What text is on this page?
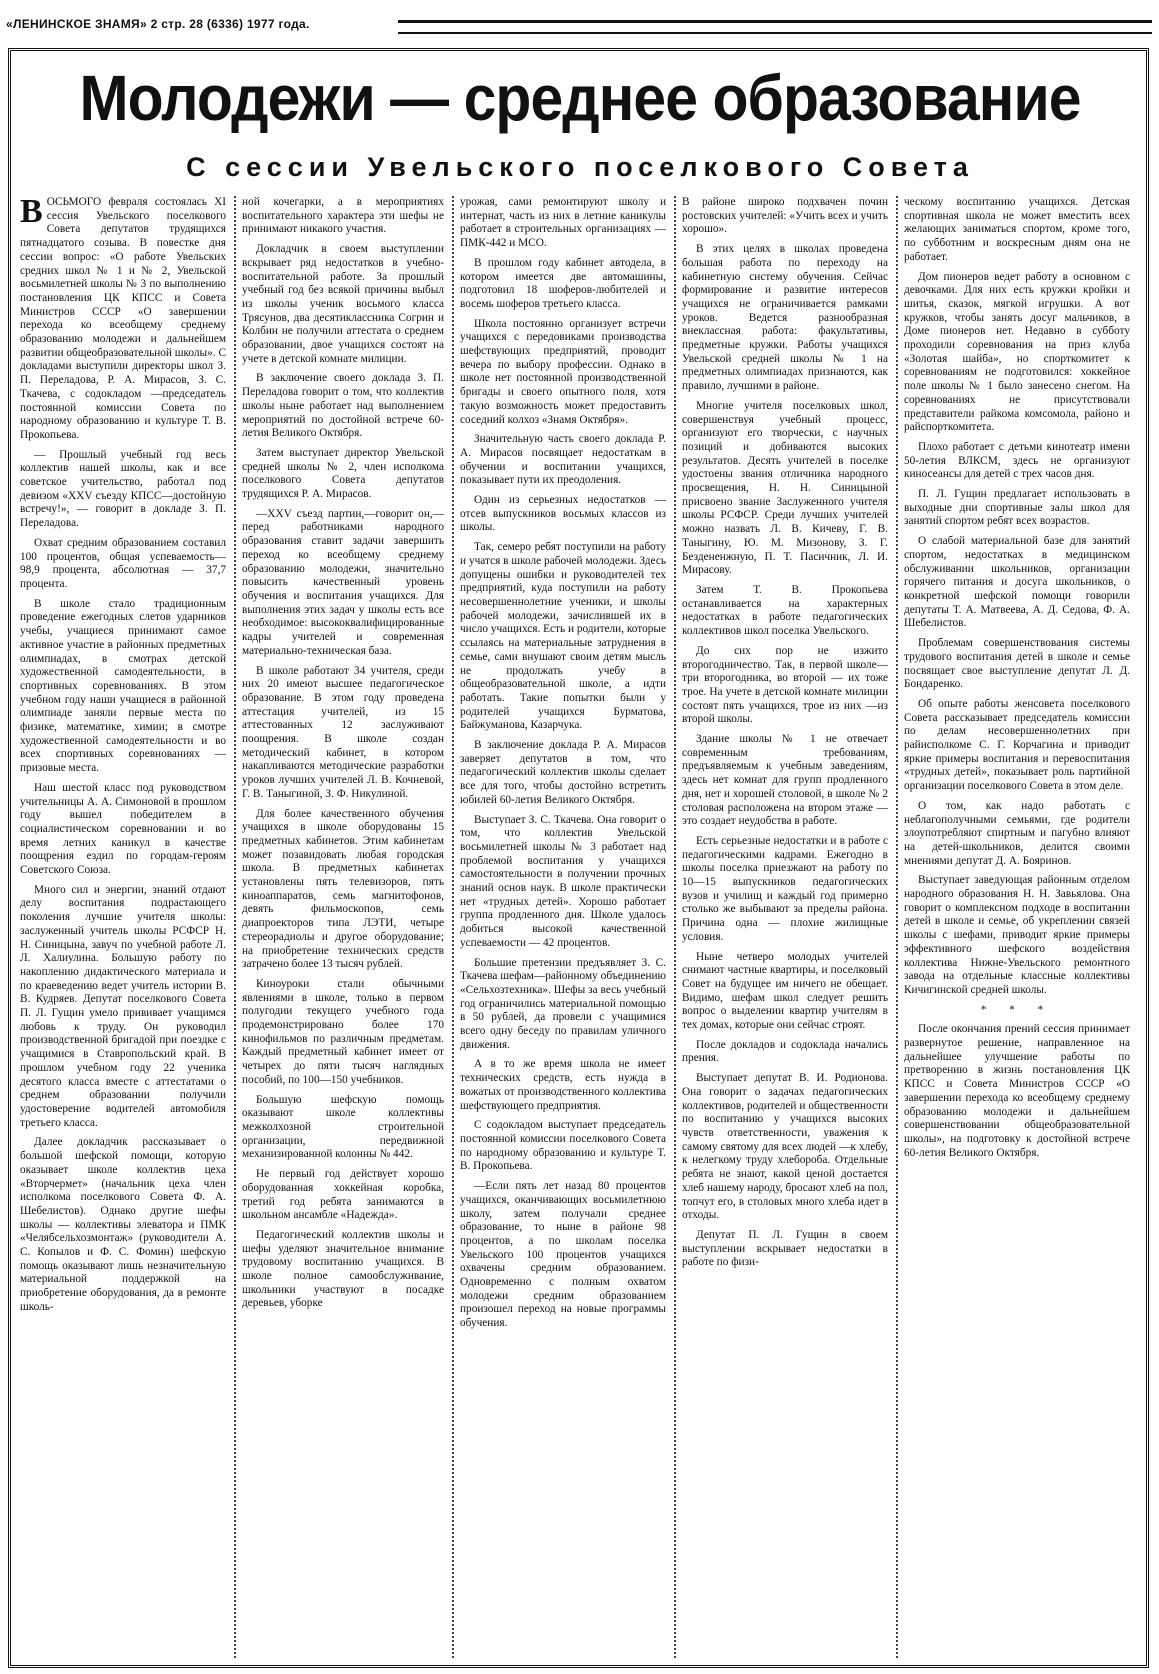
«ЛЕНИНСКОЕ ЗНАМЯ» 2 стр. 28 (6336) 1977 года.
Молодежи — среднее образование
С сессии Увельского поселкового Совета

ВОСЬМОГО февраля состоялась XI сессия Увельского поселкового Совета депутатов трудящихся пятнадцатого созыва. В повестке дня сессии вопрос: «О работе Увельских средних школ № 1 и № 2, Увельской восьмилетней школы № 3 по выполнению постановления ЦК КПСС и Совета Министров СССР «О завершении перехода ко всеобщему среднему образованию молодежи и дальнейшем развитии общеобразовательной школы». С докладами выступили директоры школ З. П. Переладова, Р. А. Мирасов, З. С. Ткачева, с содокладом —председатель постоянной комиссии Совета по народному образованию и культуре Т. В. Прокопьева.

— Прошлый учебный год весь коллектив нашей школы, как и все советское учительство, работал под девизом «XXV съезду КПСС—достойную встречу!», — говорит в докладе З. П. Переладова.

Охват средним образованием составил 100 процентов, общая успеваемость— 98,9 процента, абсолютная — 37,7 процента.

В школе стало традиционным проведение ежегодных слетов ударников учебы, учащиеся принимают самое активное участие в районных предметных олимпиадах, в смотрах детской художественной самодеятельности, в спортивных соревнованиях. В этом учебном году наши учащиеся в районной олимпиаде заняли первые места по физике, математике, химии; в смотре художественной самодеятельности и во всех спортивных соревнованиях — призовые места.

Наш шестой класс под руководством учительницы А. А. Симоновой в прошлом году вышел победителем в социалистическом соревновании и во время летних каникул в качестве поощрения ездил по городам-героям Советского Союза.

Много сил и энергии, знаний отдают делу воспитания подрастающего поколения лучшие учителя школы: заслуженный учитель школы РСФСР Н. Н. Синицына, завуч по учебной работе Л. Л. Халиулина. Большую работу по накоплению дидактического материала и по краеведению ведет учитель истории В. В. Кудряев. Депутат поселкового Совета П. Л. Гущин умело прививает учащимся любовь к труду. Он руководил производственной бригадой при поездке с учащимися в Ставропольский край. В прошлом учебном году 22 ученика десятого класса вместе с аттестатами о среднем образовании получили удостоверение водителей автомобиля третьего класса.

Далее докладчик рассказывает о большой шефской помощи, которую оказывает школе коллектив цеха «Вторчермет» (начальник цеха член исполкома поселкового Совета Ф. А. Шебелистов). Однако другие шефы школы — коллективы элеватора и ПМК «Челябсельхозмонтаж» (руководители А. С. Копылов и Ф. С. Фомин) шефскую помощь оказывают лишь незначительную материальной поддержкой на приобретение оборудования, да в ремонте школь-

ной кочегарки, а в мероприятиях воспитательного характера эти шефы не принимают никакого участия.

Докладчик в своем выступлении вскрывает ряд недостатков в учебно-воспитательной работе. За прошлый учебный год без всякой причины выбыл из школы ученик восьмого класса Трясунов, два десятиклассника Согрин и Колбин не получили аттестата о среднем образовании, двое учащихся состоят на учете в детской комнате милиции.

В заключение своего доклада З. П. Переладова говорит о том, что коллектив школы ныне работает над выполнением мероприятий по достойной встрече 60-летия Великого Октября.

Затем выступает директор Увельской средней школы № 2, член исполкома поселкового Совета депутатов трудящихся Р. А. Мирасов.

—XXV съезд партии,—говорит он,— перед работниками народного образования ставит задачи завершить переход ко всеобщему среднему образованию молодежи, значительно повысить качественный уровень обучения и воспитания учащихся. Для выполнения этих задач у школы есть все необходимое: высококвалифицированные кадры учителей и современная материально-техническая база.

В школе работают 34 учителя, среди них 20 имеют высшее педагогическое образование. В этом году проведена аттестация учителей, из 15 аттестованных 12 заслуживают поощрения. В школе создан методический кабинет, в котором накапливаются методические разработки уроков лучших учителей Л. В. Кочневой, Г. В. Таныгиной, З. Ф. Никулиной.

Для более качественного обучения учащихся в школе оборудованы 15 предметных кабинетов. Этим кабинетам может позавидовать любая городская школа. В предметных кабинетах установлены пять телевизоров, пять киноаппаратов, семь магнитофонов, девять фильмоскопов, семь диапроекторов типа ЛЭТИ, четыре стереорадиолы и другое оборудование; на приобретение технических средств затрачено более 13 тысяч рублей.

Киноуроки стали обычными явлениями в школе, только в первом полугодии текущего учебного года продемонстрировано более 170 кинофильмов по различным предметам. Каждый предметный кабинет имеет от четырех до пяти тысяч наглядных пособий, по 100—150 учебников.

Большую шефскую помощь оказывают школе коллективы межколхозной строительной организации, передвижной механизированной колонны № 442.

Не первый год действует хорошо оборудованная хоккейная коробка, третий год ребята занимаются в школьном ансамбле «Надежда».

Педагогический коллектив школы и шефы уделяют значительное внимание трудовому воспитанию учащихся. В школе полное самообслуживание, школьники участвуют в посадке деревьев, уборке

урожая, сами ремонтируют школу и интернат, часть из них в летние каникулы работает в строительных организациях — ПМК-442 и МСО.

В прошлом году кабинет автодела, в котором имеется две автомашины, подготовил 18 шоферов-любителей и восемь шоферов третьего класса.

Школа постоянно организует встречи учащихся с передовиками производства шефствующих предприятий, проводит вечера по выбору профессии. Однако в школе нет постоянной производственной бригады и своего опытного поля, хотя такую возможность может предоставить соседний колхоз «Знамя Октября».

Значительную часть своего доклада Р. А. Мирасов посвящает недостаткам в обучении и воспитании учащихся, показывает пути их преодоления.

Один из серьезных недостатков — отсев выпускников восьмых классов из школы.

Так, семеро ребят поступили на работу и учатся в школе рабочей молодежи. Здесь допущены ошибки и руководителей тех предприятий, куда поступили на работу несовершеннолетние ученики, и школы рабочей молодежи, зачислившей их в число учащихся. Есть и родители, которые ссылаясь на материальные затруднения в семье, сами внушают своим детям мысль не продолжать учебу в общеобразовательной школе, а идти работать. Такие попытки были у родителей учащихся Бурматова, Байжуманова, Казарчука.

В заключение доклада Р. А. Мирасов заверяет депутатов в том, что педагогический коллектив школы сделает все для того, чтобы достойно встретить юбилей 60-летия Великого Октября.

Выступает З. С. Ткачева. Она говорит о том, что коллектив Увельской восьмилетней школы № 3 работает над проблемой воспитания у учащихся самостоятельности в получении прочных знаний основ наук. В школе практически нет «трудных детей». Хорошо работает группа продленного дня. Школе удалось добиться высокой качественной успеваемости — 42 процентов.

Большие претензии предъявляет З. С. Ткачева шефам—районному объединению «Сельхозтехника». Шефы за весь учебный год ограничились материальной помощью в 50 рублей, да провели с учащимися всего одну беседу по правилам уличного движения.

А в то же время школа не имеет технических средств, есть нужда в вожатых от производственного коллектива шефствующего предприятия.

С содокладом выступает председатель постоянной комиссии поселкового Совета по народному образованию и культуре Т. В. Прокопьева.

—Если пять лет назад 80 процентов учащихся, оканчивающих восьмилетнюю школу, затем получали среднее образование, то ныне в районе 98 процентов, а по школам поселка Увельского 100 процентов учащихся охвачены средним образованием. Одновременно с полным охватом молодежи средним образованием произошел переход на новые программы обучения.

В районе широко подхвачен почин ростовских учителей: «Учить всех и учить хорошо».

В этих целях в школах проведена большая работа по переходу на кабинетную систему обучения. Сейчас формирование и развитие интересов учащихся не ограничивается рамками уроков. Ведется разнообразная внеклассная работа: факультативы, предметные кружки. Работы учащихся Увельской средней школы № 1 на предметных олимпиадах признаются, как правило, лучшими в районе.

Многие учителя поселковых школ, совершенствуя учебный процесс, организуют его творчески, с научных позиций и добиваются высоких результатов. Десять учителей в поселке удостоены звания отличника народного просвещения, Н. Н. Синицыной присвоено звание Заслуженного учителя школы РСФСР. Среди лучших учителей можно назвать Л. В. Кичеву, Г. В. Таныгину, Ю. М. Мизонову, З. Г. Бездененжную, П. Т. Пасичник, Л. И. Мирасову.

Затем Т. В. Прокопьева останавливается на характерных недостатках в работе педагогических коллективов школ поселка Увельского.

До сих пор не изжито второгодничество. Так, в первой школе—три второгодника, во второй — их тоже трое. На учете в детской комнате милиции состоят пять учащихся, трое из них —из второй школы.

Здание школы № 1 не отвечает современным требованиям, предъявляемым к учебным заведениям, здесь нет комнат для групп продленного дня, нет и хорошей столовой, в школе № 2 столовая расположена на втором этаже — это создает неудобства в работе.

Есть серьезные недостатки и в работе с педагогическими кадрами. Ежегодно в школы поселка приезжают на работу по 10—15 выпускников педагогических вузов и училищ и каждый год примерно столько же выбывают за пределы района. Причина одна — плохие жилищные условия.

Ныне четверо молодых учителей снимают частные квартиры, и поселковый Совет на будущее им ничего не обещает. Видимо, шефам школ следует решить вопрос о выделении квартир учителям в тех домах, которые они сейчас строят.

После докладов и содоклада начались прения.

Выступает депутат В. И. Родионова. Она говорит о задачах педагогических коллективов, родителей и общественности по воспитанию у учащихся высоких чувств ответственности, уважения к самому святому для всех людей —к хлебу, к нелегкому труду хлебороба. Отдельные ребята не знают, какой ценой достается хлеб нашему народу, бросают хлеб на пол, топчут его, в столовых много хлеба идет в отходы.

Депутат П. Л. Гущин в своем выступлении вскрывает недостатки в работе по физи-

ческому воспитанию учащихся. Детская спортивная школа не может вместить всех желающих заниматься спортом, кроме того, по субботним и воскресным дням она не работает.

Дом пионеров ведет работу в основном с девочками. Для них есть кружки кройки и шитья, сказок, мягкой игрушки. А вот кружков, чтобы занять досуг мальчиков, в Доме пионеров нет. Недавно в субботу проходили соревнования на приз клуба «Золотая шайба», но спорткомитет к соревнованиям не подготовился: хоккейное поле школы № 1 было занесено снегом. На соревнованиях не присутствовали представители райкома комсомола, районо и райспорткомитета.

Плохо работает с детьми кинотеатр имени 50-летия ВЛКСМ, здесь не организуют киносеансы для детей с трех часов дня.

П. Л. Гущин предлагает использовать в выходные дни спортивные залы школ для занятий спортом ребят всех возрастов.

О слабой материальной базе для занятий спортом, недостатках в медицинском обслуживании школьников, организации горячего питания и досуга школьников, о конкретной шефской помощи говорили депутаты Т. А. Матвеева, А. Д. Седова, Ф. А. Шебелистов.

Проблемам совершенствования системы трудового воспитания детей в школе и семье посвящает свое выступление депутат Л. Д. Бондаренко.

Об опыте работы женсовета поселкового Совета рассказывает председатель комиссии по делам несовершеннолетних при райисполкоме С. Г. Корчагина и приводит яркие примеры воспитания и перевоспитания «трудных детей», показывает роль партийной организации поселкового Совета в этом деле.

О том, как надо работать с неблагополучными семьями, где родители злоупотребляют спиртным и пагубно влияют на детей-школьников, делится своими мнениями депутат Д. А. Бояринов.

Выступает заведующая районным отделом народного образования Н. Н. Завьялова. Она говорит о комплексном подходе в воспитании детей в школе и семье, об укреплении связей школы с шефами, приводит яркие примеры эффективного шефского воздействия коллектива Нижне-Увельского ремонтного завода на отдельные классные коллективы Кичигинской средней школы.

* * *

После окончания прений сессия принимает развернутое решение, направленное на дальнейшее улучшение работы по претворению в жизнь постановления ЦК КПСС и Совета Министров СССР «О завершении перехода ко всеобщему среднему образованию молодежи и дальнейшем совершенствовании общеобразовательной школы», на подготовку к достойной встрече 60-летия Великого Октября.
